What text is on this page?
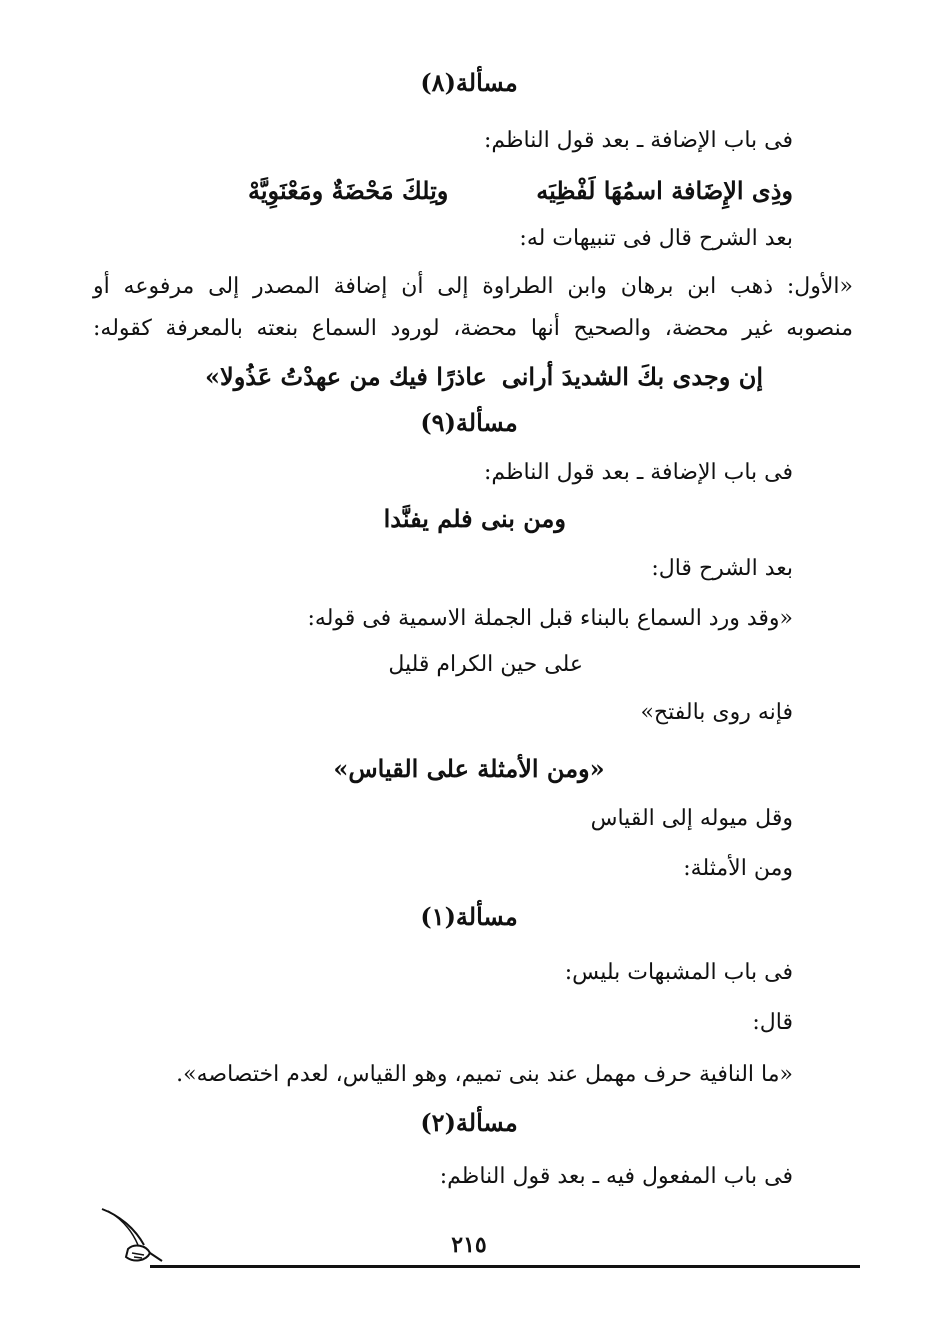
مسألة(٨)
فى باب الإضافة ـ بعد قول الناظم:
وذِى الإِضَافة اسمُهَا لَفْظِيَه
وتِلكَ مَحْضَةٌ ومَعْنَوِيَّهْ
بعد الشرح قال فى تنبيهات له:
«الأول: ذهب ابن برهان وابن الطراوة إلى أن إضافة المصدر إلى مرفوعه أو
منصوبه غير محضة، والصحيح أنها محضة، لورود السماع بنعته بالمعرفة كقوله:
إن وجدى بكَ الشديدَ أرانى
عاذرًا فيك من عهدْتُ عَذُولا»
مسألة(٩)
فى باب الإضافة ـ بعد قول الناظم:
ومن بنى فلم يفنَّدا
بعد الشرح قال:
«وقد ورد السماع بالبناء قبل الجملة الاسمية فى قوله:
على حين الكرام قليل
فإنه روى بالفتح»
«ومن الأمثلة على القياس»
وقل ميوله إلى القياس
ومن الأمثلة:
مسألة(١)
فى باب المشبهات بليس:
قال:
«ما النافية حرف مهمل عند بنى تميم، وهو القياس، لعدم اختصاصه».
مسألة(٢)
فى باب المفعول فيه ـ بعد قول الناظم:
٢١٥
